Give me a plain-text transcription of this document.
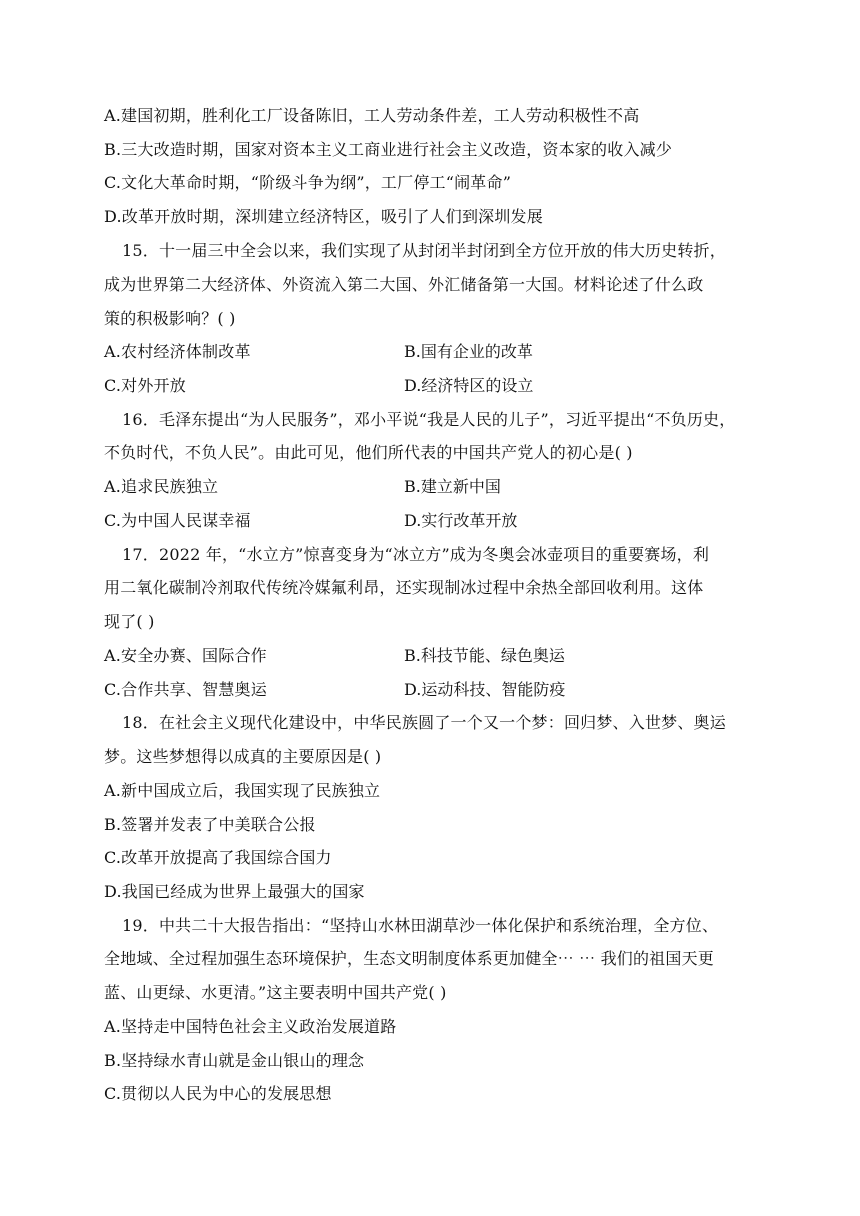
A.建国初期，胜利化工厂设备陈旧，工人劳动条件差，工人劳动积极性不高
B.三大改造时期，国家对资本主义工商业进行社会主义改造，资本家的收入减少
C.文化大革命时期，“阶级斗争为纲”，工厂停工“闹革命”
D.改革开放时期，深圳建立经济特区，吸引了人们到深圳发展
15．十一届三中全会以来，我们实现了从封闭半封闭到全方位开放的伟大历史转折，
成为世界第二大经济体、外资流入第二大国、外汇储备第一大国。材料论述了什么政
策的积极影响？( )
A.农村经济体制改革	B.国有企业的改革
C.对外开放	D.经济特区的设立
16．毛泽东提出“为人民服务”，邓小平说“我是人民的儿子”，习近平提出“不负历史，
不负时代，不负人民”。由此可见，他们所代表的中国共产党人的初心是( )
A.追求民族独立	B.建立新中国
C.为中国人民谋幸福	D.实行改革开放
17．2022 年，“水立方”惊喜变身为“冰立方”成为冬奥会冰壶项目的重要赛场，利
用二氧化碳制冷剂取代传统冷媒氟利昂，还实现制冰过程中余热全部回收利用。这体
现了( )
A.安全办赛、国际合作	B.科技节能、绿色奥运
C.合作共享、智慧奥运	D.运动科技、智能防疫
18．在社会主义现代化建设中，中华民族圆了一个又一个梦：回归梦、入世梦、奥运
梦。这些梦想得以成真的主要原因是( )
A.新中国成立后，我国实现了民族独立
B.签署并发表了中美联合公报
C.改革开放提高了我国综合国力
D.我国已经成为世界上最强大的国家
19．中共二十大报告指出：“坚持山水林田湖草沙一体化保护和系统治理，全方位、
全地域、全过程加强生态环境保护，生态文明制度体系更加健全⋯ ⋯ 我们的祖国天更
蓝、山更绿、水更清。”这主要表明中国共产党( )
A.坚持走中国特色社会主义政治发展道路
B.坚持绿水青山就是金山银山的理念
C.贯彻以人民为中心的发展思想
